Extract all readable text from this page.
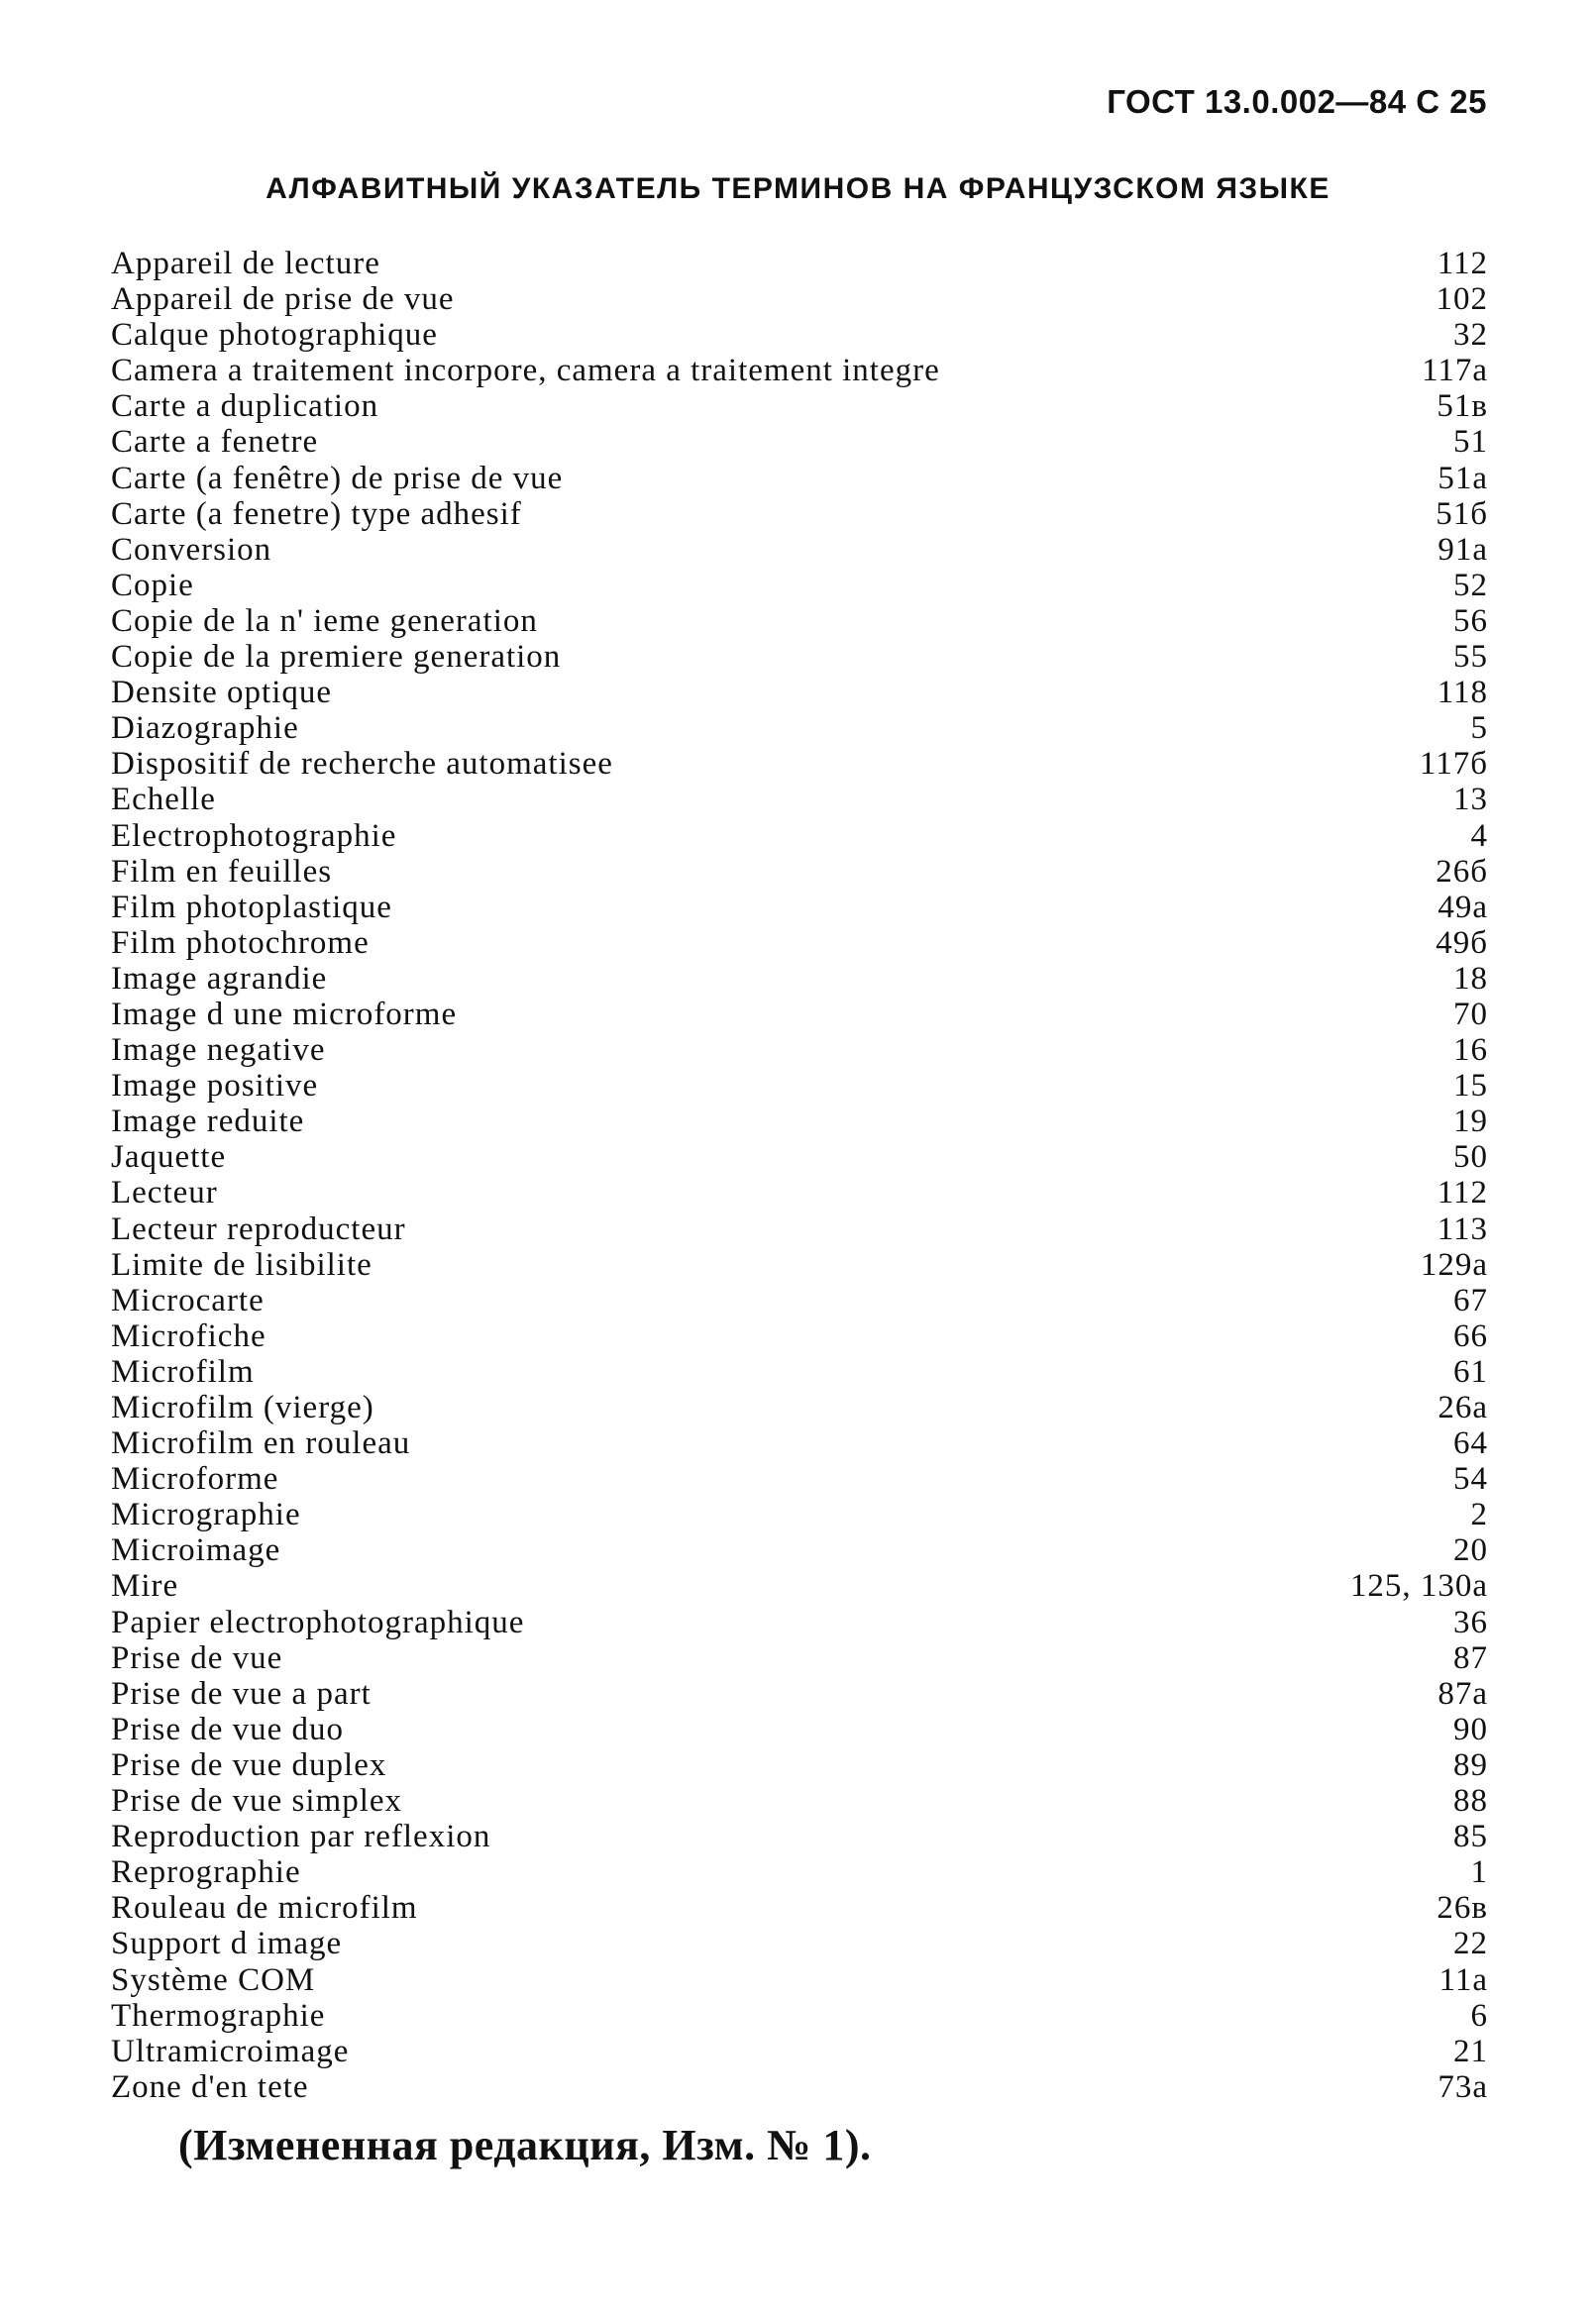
ГОСТ 13.0.002—84 С 25
АЛФАВИТНЫЙ УКАЗАТЕЛЬ ТЕРМИНОВ НА ФРАНЦУЗСКОМ ЯЗЫКЕ
Appareil de lecture	112
Appareil de prise de vue	102
Calque photographique	32
Camera a traitement incorpore, camera a traitement integre	117a
Carte a duplication	51в
Carte a fenetre	51
Carte (a fenêtre) de prise de vue	51a
Carte (a fenetre) type adhesif	51б
Conversion	91a
Copie	52
Copie de la n' ieme generation	56
Copie de la premiere generation	55
Densite optique	118
Diazographie	5
Dispositif de recherche automatisee	117б
Echelle	13
Electrophotographie	4
Film en feuilles	26б
Film photoplastique	49a
Film photochrome	49б
Image agrandie	18
Image d une microforme	70
Image negative	16
Image positive	15
Image reduite	19
Jaquette	50
Lecteur	112
Lecteur reproducteur	113
Limite de lisibilite	129a
Microcarte	67
Microfiche	66
Microfilm	61
Microfilm (vierge)	26a
Microfilm en rouleau	64
Microforme	54
Micrographie	2
Microimage	20
Mire	125, 130a
Papier electrophotographique	36
Prise de vue	87
Prise de vue a part	87a
Prise de vue duo	90
Prise de vue duplex	89
Prise de vue simplex	88
Reproduction par reflexion	85
Reprographie	1
Rouleau de microfilm	26в
Support d image	22
Système COM	11a
Thermographie	6
Ultramicroimage	21
Zone d'en tete	73a
(Измененная редакция, Изм. № 1).
